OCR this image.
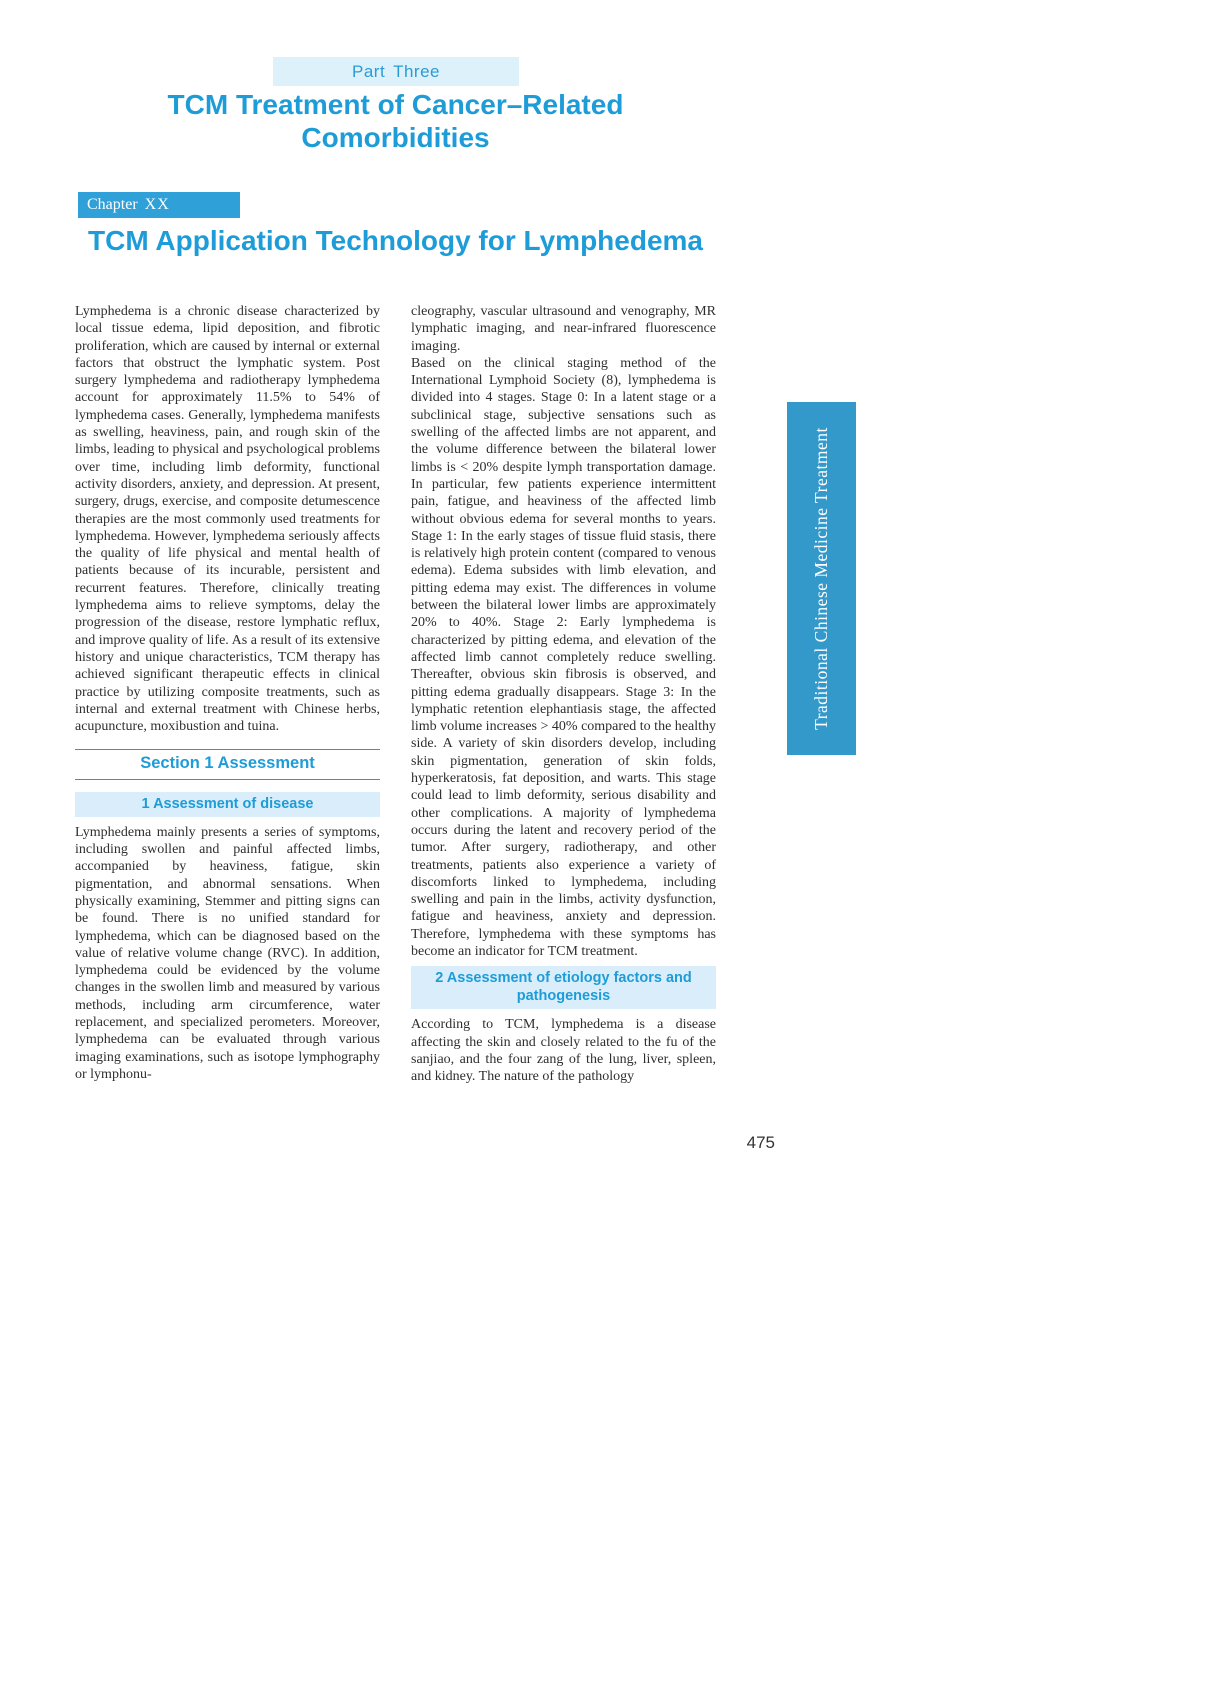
Part Three
TCM Treatment of Cancer–Related Comorbidities
Chapter XX
TCM Application Technology for Lymphedema

Lymphedema is a chronic disease characterized by local tissue edema, lipid deposition, and fibrotic proliferation, which are caused by internal or external factors that obstruct the lymphatic system. Post surgery lymphedema and radiotherapy lymphedema account for approximately 11.5% to 54% of lymphedema cases. Generally, lymphedema manifests as swelling, heaviness, pain, and rough skin of the limbs, leading to physical and psychological problems over time, including limb deformity, functional activity disorders, anxiety, and depression. At present, surgery, drugs, exercise, and composite detumescence therapies are the most commonly used treatments for lymphedema. However, lymphedema seriously affects the quality of life physical and mental health of patients because of its incurable, persistent and recurrent features. Therefore, clinically treating lymphedema aims to relieve symptoms, delay the progression of the disease, restore lymphatic reflux, and improve quality of life. As a result of its extensive history and unique characteristics, TCM therapy has achieved significant therapeutic effects in clinical practice by utilizing composite treatments, such as internal and external treatment with Chinese herbs, acupuncture, moxibustion and tuina.

Section 1 Assessment
1 Assessment of disease

Lymphedema mainly presents a series of symptoms, including swollen and painful affected limbs, accompanied by heaviness, fatigue, skin pigmentation, and abnormal sensations. When physically examining, Stemmer and pitting signs can be found. There is no unified standard for lymphedema, which can be diagnosed based on the value of relative volume change (RVC). In addition, lymphedema could be evidenced by the volume changes in the swollen limb and measured by various methods, including arm circumference, water replacement, and specialized perometers. Moreover, lymphedema can be evaluated through various imaging examinations, such as isotope lymphography or lymphonu-

cleography, vascular ultrasound and venography, MR lymphatic imaging, and near-infrared fluorescence imaging.

Based on the clinical staging method of the International Lymphoid Society (8), lymphedema is divided into 4 stages. Stage 0: In a latent stage or a subclinical stage, subjective sensations such as swelling of the affected limbs are not apparent, and the volume difference between the bilateral lower limbs is < 20% despite lymph transportation damage. In particular, few patients experience intermittent pain, fatigue, and heaviness of the affected limb without obvious edema for several months to years. Stage 1: In the early stages of tissue fluid stasis, there is relatively high protein content (compared to venous edema). Edema subsides with limb elevation, and pitting edema may exist. The differences in volume between the bilateral lower limbs are approximately 20% to 40%. Stage 2: Early lymphedema is characterized by pitting edema, and elevation of the affected limb cannot completely reduce swelling. Thereafter, obvious skin fibrosis is observed, and pitting edema gradually disappears. Stage 3: In the lymphatic retention elephantiasis stage, the affected limb volume increases > 40% compared to the healthy side. A variety of skin disorders develop, including skin pigmentation, generation of skin folds, hyperkeratosis, fat deposition, and warts. This stage could lead to limb deformity, serious disability and other complications. A majority of lymphedema occurs during the latent and recovery period of the tumor. After surgery, radiotherapy, and other treatments, patients also experience a variety of discomforts linked to lymphedema, including swelling and pain in the limbs, activity dysfunction, fatigue and heaviness, anxiety and depression. Therefore, lymphedema with these symptoms has become an indicator for TCM treatment.

2 Assessment of etiology factors and pathogenesis

According to TCM, lymphedema is a disease affecting the skin and closely related to the fu of the sanjiao, and the four zang of the lung, liver, spleen, and kidney. The nature of the pathology

Traditional Chinese Medicine Treatment
475
